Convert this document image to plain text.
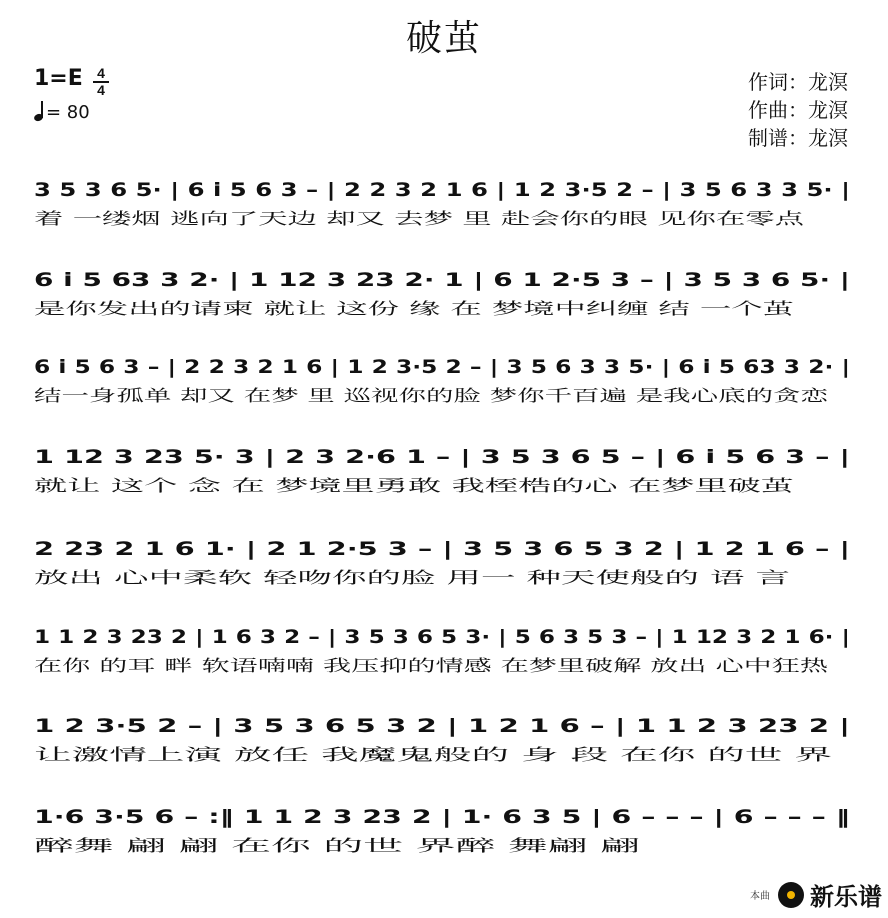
破茧
1=E	4
4
= 80
作词：龙溟
作曲：龙溟
制谱：龙溟
3 5 3 6 5· | 6 i 5 6 3 – | 2 2 3 2 1 6 | 1 2 3·5 2 – | 3 5 6 3 3 5· |
着 一缕烟 逃向了天边 却又 去梦 里 赴会你的眼 见你在零点
6 i 5 63 3 2· | 1 12 3 23 2· 1 | 6 1 2·5 3 – | 3 5 3 6 5· |
是你发出的请柬 就让 这份 缘 在 梦境中纠缠 结 一个茧
6 i 5 6 3 – | 2 2 3 2 1 6 | 1 2 3·5 2 – | 3 5 6 3 3 5· | 6 i 5 63 3 2· |
结一身孤单 却又 在梦 里 巡视你的脸 梦你千百遍 是我心底的贪恋
1 12 3 23 5· 3 | 2 3 2·6 1 – | 3 5 3 6 5 – | 6 i 5 6 3 – |
就让 这个 念 在 梦境里勇敢 我桎梏的心 在梦里破茧
2 23 2 1 6 1· | 2 1 2·5 3 – | 3 5 3 6 5 3 2 | 1 2 1 6 – |
放出 心中柔软 轻吻你的脸 用一 种天使般的 语 言
1 1 2 3 23 2 | 1 6 3 2 – | 3 5 3 6 5 3· | 5 6 3 5 3 – | 1 12 3 2 1 6· |
在你 的耳 畔 软语喃喃 我压抑的情感 在梦里破解 放出 心中狂热
1 2 3·5 2 – | 3 5 3 6 5 3 2 | 1 2 1 6 – | 1 1 2 3 23 2 |
让激情上演 放任 我魔鬼般的 身 段 在你 的世 界
1·6 3·5 6 – :‖ 1 1 2 3 23 2 | 1· 6 3 5 | 6 – – – | 6 – – – ‖
醉舞 翩 翩 在你 的世 界醉 舞翩 翩
本曲 新乐谱
